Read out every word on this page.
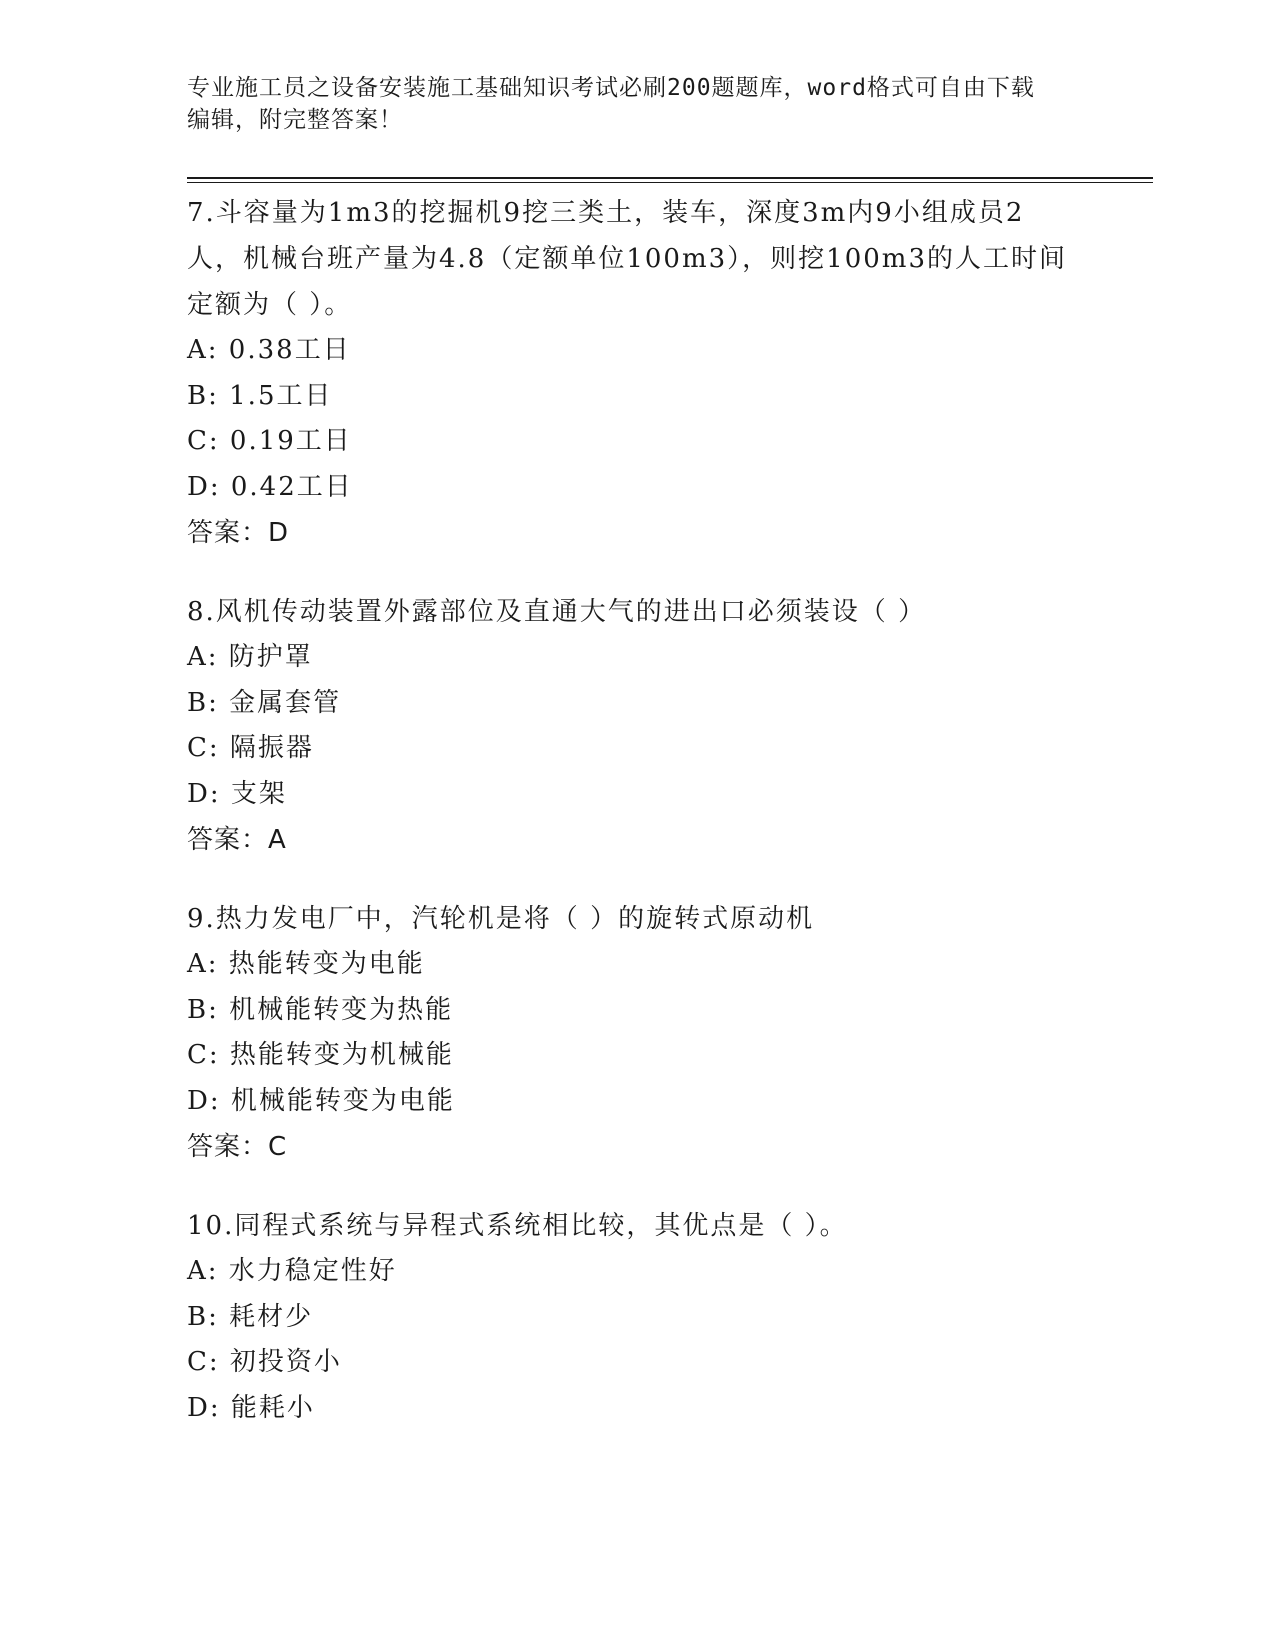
专业施工员之设备安装施工基础知识考试必刷200题题库，word格式可自由下载
编辑，附完整答案！
7.斗容量为1m3的挖掘机9挖三类土，装车，深度3m内9小组成员2
人，机械台班产量为4.8（定额单位100m3），则挖100m3的人工时间
定额为（ ）。
A: 0.38工日
B: 1.5工日
C: 0.19工日
D: 0.42工日
答案：D
8.风机传动装置外露部位及直通大气的进出口必须装设（ ）
A: 防护罩
B: 金属套管
C: 隔振器
D: 支架
答案：A
9.热力发电厂中，汽轮机是将（ ）的旋转式原动机
A: 热能转变为电能
B: 机械能转变为热能
C: 热能转变为机械能
D: 机械能转变为电能
答案：C
10.同程式系统与异程式系统相比较，其优点是（ ）。
A: 水力稳定性好
B: 耗材少
C: 初投资小
D: 能耗小
